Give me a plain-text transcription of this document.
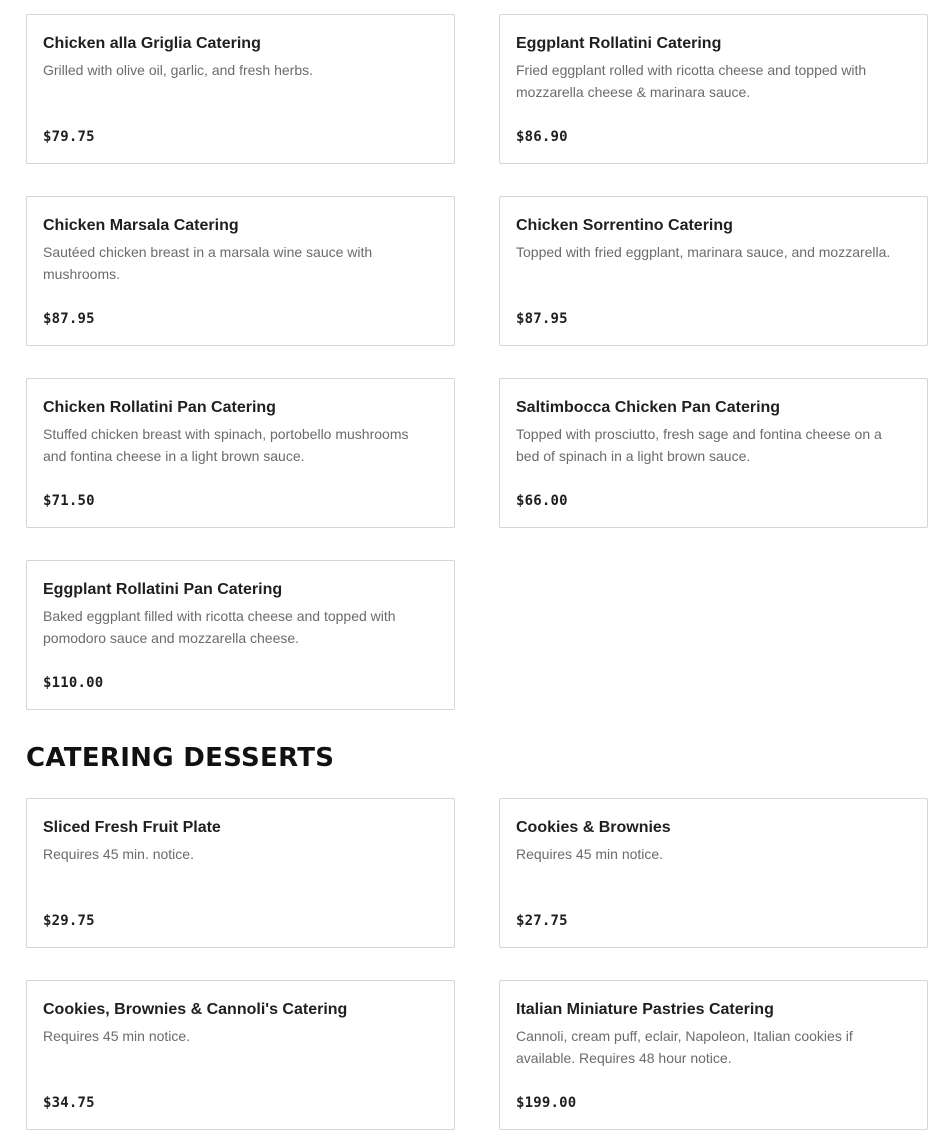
Chicken alla Griglia Catering
Grilled with olive oil, garlic, and fresh herbs.
$79.75
Eggplant Rollatini Catering
Fried eggplant rolled with ricotta cheese and topped with mozzarella cheese & marinara sauce.
$86.90
Chicken Marsala Catering
Sautéed chicken breast in a marsala wine sauce with mushrooms.
$87.95
Chicken Sorrentino Catering
Topped with fried eggplant, marinara sauce, and mozzarella.
$87.95
Chicken Rollatini Pan Catering
Stuffed chicken breast with spinach, portobello mushrooms and fontina cheese in a light brown sauce.
$71.50
Saltimbocca Chicken Pan Catering
Topped with prosciutto, fresh sage and fontina cheese on a bed of spinach in a light brown sauce.
$66.00
Eggplant Rollatini Pan Catering
Baked eggplant filled with ricotta cheese and topped with pomodoro sauce and mozzarella cheese.
$110.00
CATERING DESSERTS
Sliced Fresh Fruit Plate
Requires 45 min. notice.
$29.75
Cookies & Brownies
Requires 45 min notice.
$27.75
Cookies, Brownies & Cannoli's Catering
Requires 45 min notice.
$34.75
Italian Miniature Pastries Catering
Cannoli, cream puff, eclair, Napoleon, Italian cookies if available. Requires 48 hour notice.
$199.00
